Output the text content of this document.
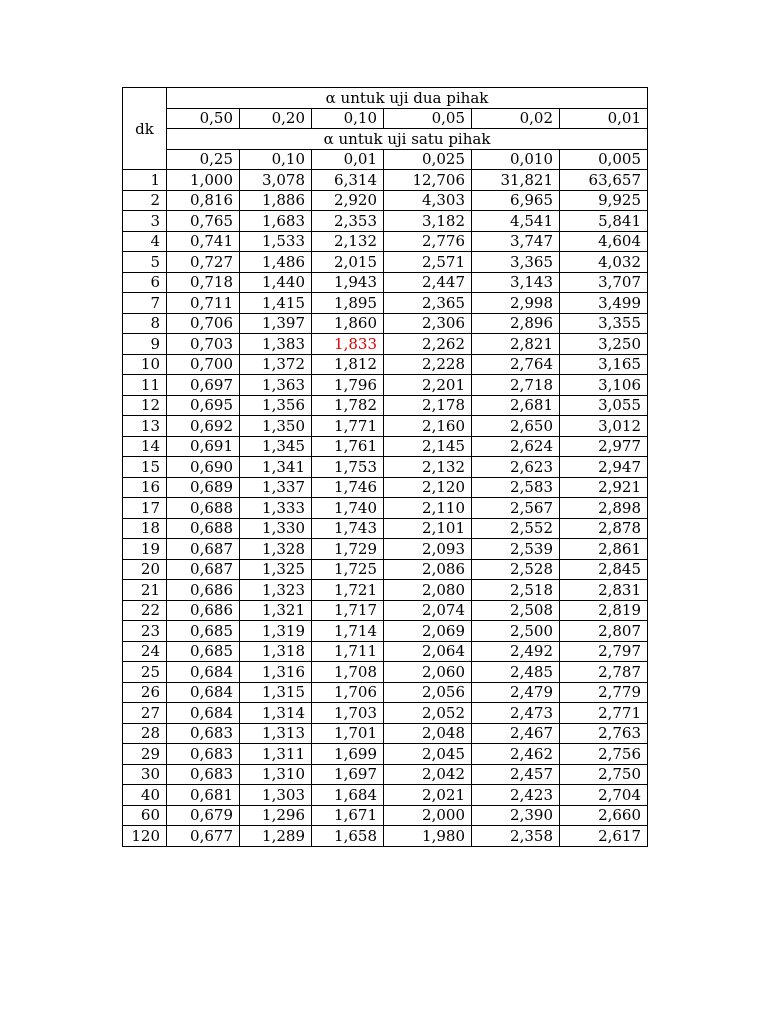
dk	α untuk uji dua pihak					
	0,50	0,20	0,10	0,05	0,02	0,01
	α untuk uji satu pihak					
	0,25	0,10	0,01	0,025	0,010	0,005
1	1,000	3,078	6,314	12,706	31,821	63,657
2	0,816	1,886	2,920	4,303	6,965	9,925
3	0,765	1,683	2,353	3,182	4,541	5,841
4	0,741	1,533	2,132	2,776	3,747	4,604
5	0,727	1,486	2,015	2,571	3,365	4,032
6	0,718	1,440	1,943	2,447	3,143	3,707
7	0,711	1,415	1,895	2,365	2,998	3,499
8	0,706	1,397	1,860	2,306	2,896	3,355
9	0,703	1,383	1,833	2,262	2,821	3,250
10	0,700	1,372	1,812	2,228	2,764	3,165
11	0,697	1,363	1,796	2,201	2,718	3,106
12	0,695	1,356	1,782	2,178	2,681	3,055
13	0,692	1,350	1,771	2,160	2,650	3,012
14	0,691	1,345	1,761	2,145	2,624	2,977
15	0,690	1,341	1,753	2,132	2,623	2,947
16	0,689	1,337	1,746	2,120	2,583	2,921
17	0,688	1,333	1,740	2,110	2,567	2,898
18	0,688	1,330	1,743	2,101	2,552	2,878
19	0,687	1,328	1,729	2,093	2,539	2,861
20	0,687	1,325	1,725	2,086	2,528	2,845
21	0,686	1,323	1,721	2,080	2,518	2,831
22	0,686	1,321	1,717	2,074	2,508	2,819
23	0,685	1,319	1,714	2,069	2,500	2,807
24	0,685	1,318	1,711	2,064	2,492	2,797
25	0,684	1,316	1,708	2,060	2,485	2,787
26	0,684	1,315	1,706	2,056	2,479	2,779
27	0,684	1,314	1,703	2,052	2,473	2,771
28	0,683	1,313	1,701	2,048	2,467	2,763
29	0,683	1,311	1,699	2,045	2,462	2,756
30	0,683	1,310	1,697	2,042	2,457	2,750
40	0,681	1,303	1,684	2,021	2,423	2,704
60	0,679	1,296	1,671	2,000	2,390	2,660
120	0,677	1,289	1,658	1,980	2,358	2,617
